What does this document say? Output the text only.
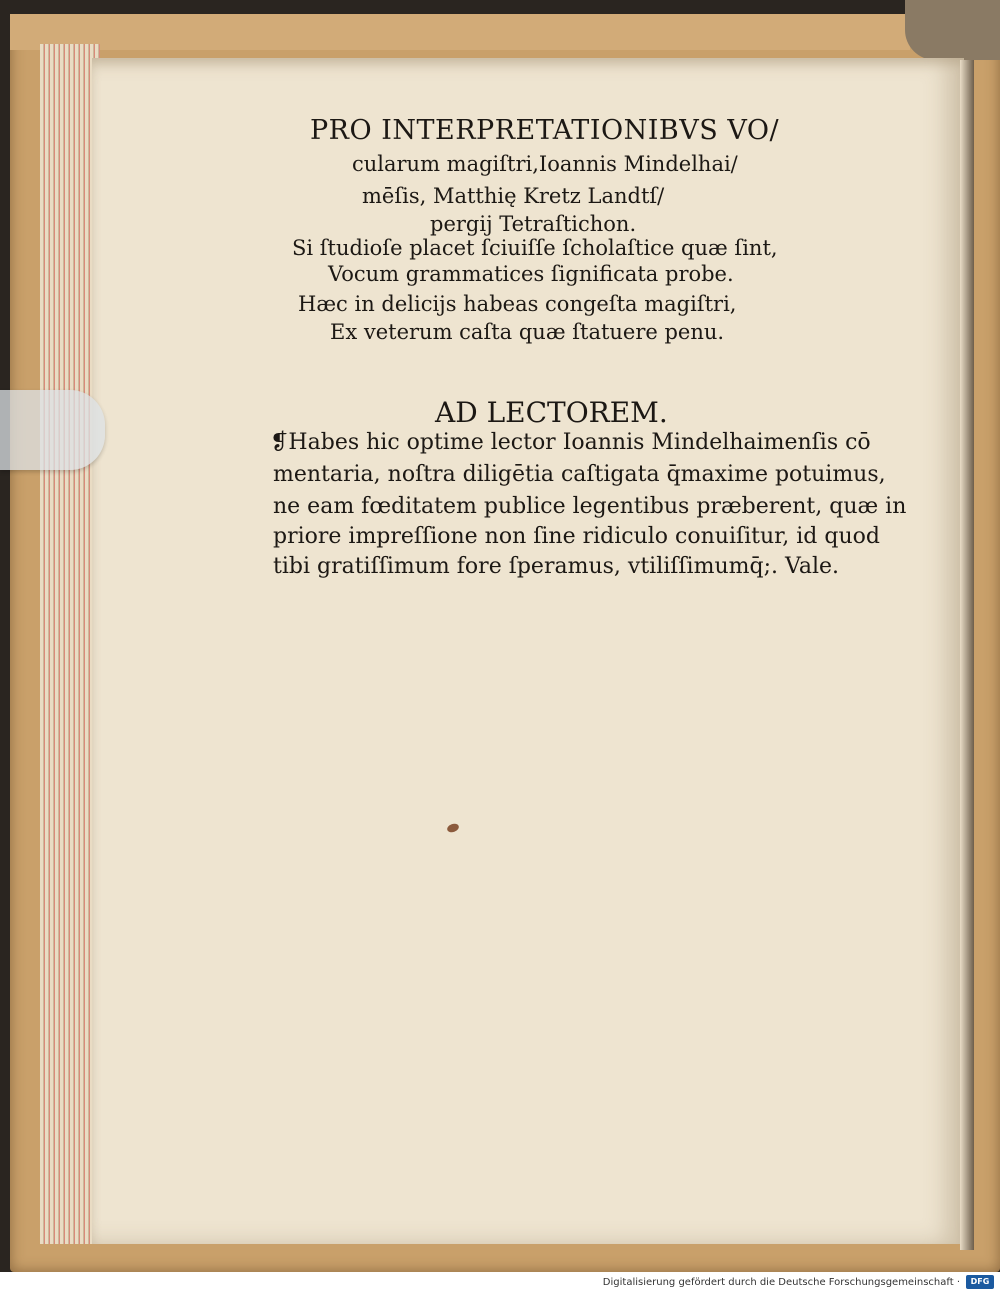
PRO INTERPRETATIONIBVS VO/
cularum magiſtri,Ioannis Mindelhai/
mēſis, Matthię Kretz Landtſ/
pergij Tetraſtichon.
Si ſtudioſe placet ſciuiſſe ſcholaſtice quæ ſint,
Vocum grammatices ſignificata probe.
Hæc in delicijs habeas congeſta magiſtri,
Ex veterum caſta quæ ſtatuere penu.
AD LECTOREM.
❡Habes hic optime lector Ioannis Mindelhaimenſis cō
mentaria, noſtra diligētia caſtigata q̄maxime potuimus,
ne eam fœditatem publice legentibus præberent, quæ in
priore impreſſione non ſine ridiculo conuiſitur, id quod
tibi gratiſſimum fore ſperamus, vtiliſſimumq̄;. Vale.
Digitalisierung gefördert durch die Deutsche Forschungsgemeinschaft ·	DFG
